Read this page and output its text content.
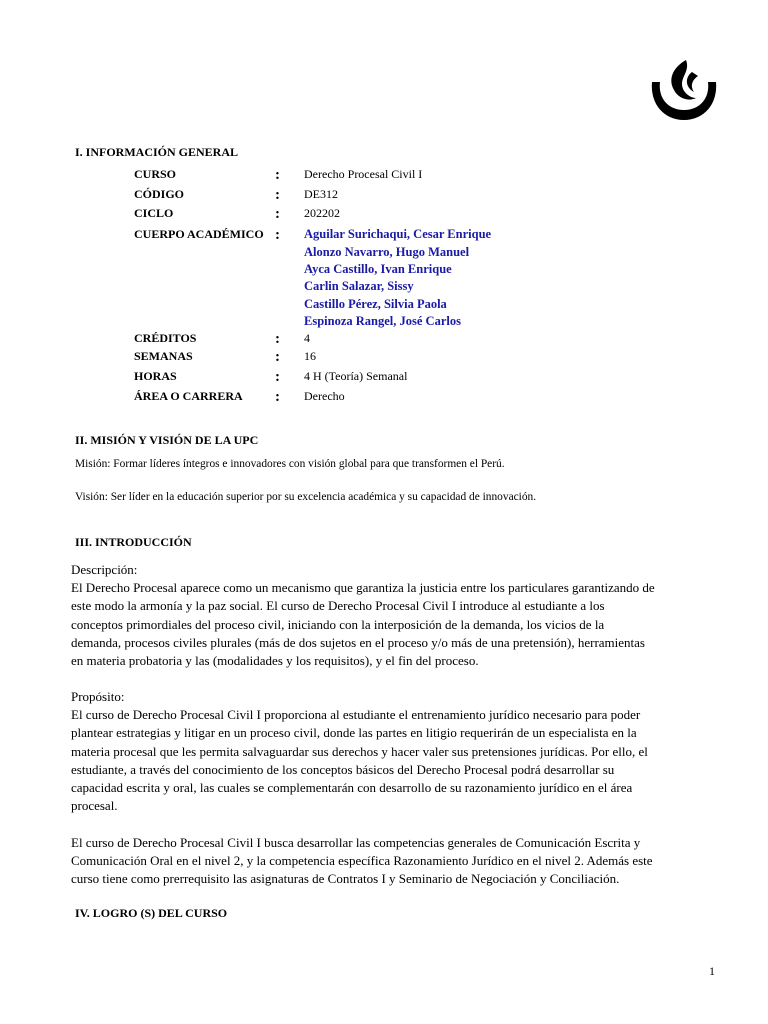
I. INFORMACIÓN GENERAL
CURSO	: Derecho Procesal Civil I
CÓDIGO	: DE312
CICLO	: 202202
CUERPO ACADÉMICO : Aguilar Surichaqui, Cesar Enrique
Alonzo Navarro, Hugo Manuel
Ayca Castillo, Ivan Enrique
Carlin Salazar, Sissy
Castillo Pérez, Silvia Paola
Espinoza Rangel, José Carlos
CRÉDITOS	: 4
SEMANAS	: 16
HORAS	: 4 H (Teoría) Semanal
ÁREA O CARRERA : Derecho
II. MISIÓN Y VISIÓN DE LA UPC
Misión: Formar líderes íntegros e innovadores con visión global para que transformen el Perú.
Visión: Ser líder en la educación superior por su excelencia académica y su capacidad de innovación.
III. INTRODUCCIÓN

Descripción:

El Derecho Procesal aparece como un mecanismo que garantiza la justicia entre los particulares garantizando de

este modo la armonía y la paz social. El curso de Derecho Procesal Civil I introduce al estudiante a los

conceptos primordiales del proceso civil, iniciando con la interposición de la demanda, los vicios de la

demanda, procesos civiles plurales (más de dos sujetos en el proceso y/o más de una pretensión), herramientas

en materia probatoria y las (modalidades y los requisitos), y el fin del proceso.

Propósito:

El curso de Derecho Procesal Civil I proporciona al estudiante el entrenamiento jurídico necesario para poder

plantear estrategias y litigar en un proceso civil, donde las partes en litigio requerirán de un especialista en la

materia procesal que les permita salvaguardar sus derechos y hacer valer sus pretensiones jurídicas. Por ello, el

estudiante, a través del conocimiento de los conceptos básicos del Derecho Procesal podrá desarrollar su

capacidad escrita y oral, las cuales se complementarán con desarrollo de su razonamiento jurídico en el área

procesal.

El curso de Derecho Procesal Civil I busca desarrollar las competencias generales de Comunicación Escrita y

Comunicación Oral en el nivel 2, y la competencia específica Razonamiento Jurídico en el nivel 2. Además este

curso tiene como prerrequisito las asignaturas de Contratos I y Seminario de Negociación y Conciliación.

IV. LOGRO (S) DEL CURSO
1
